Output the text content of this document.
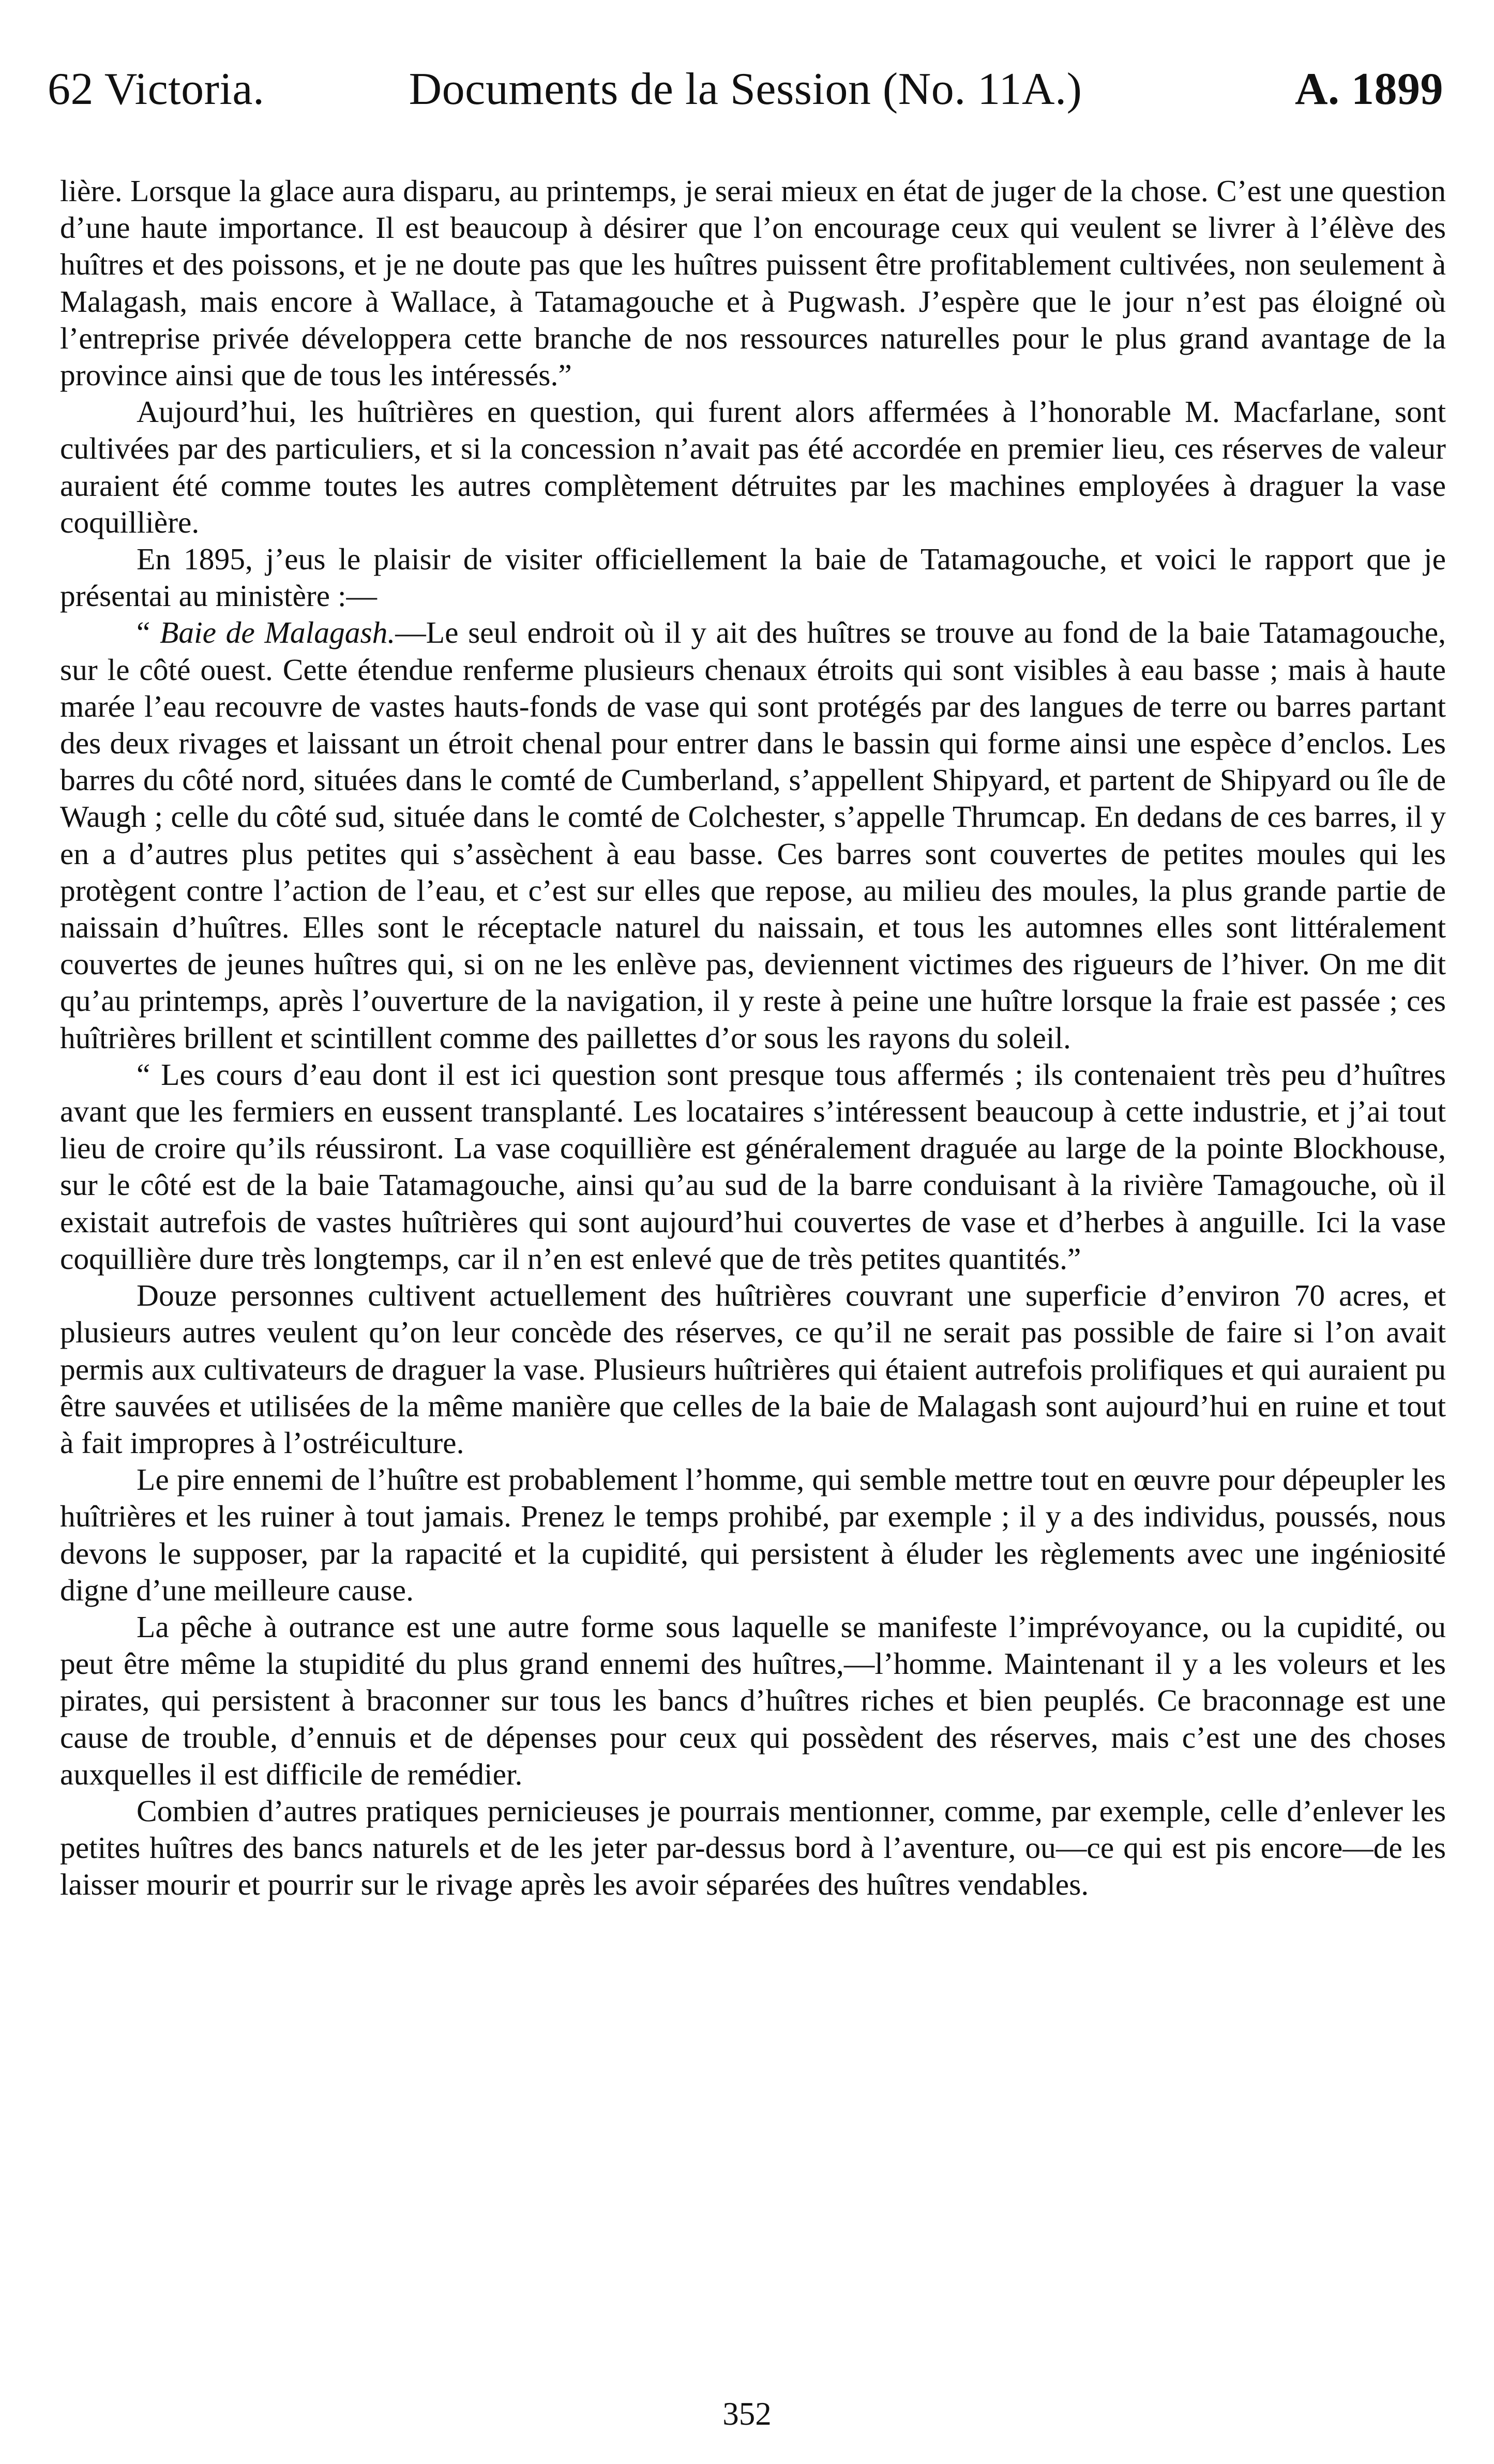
62 Victoria.	Documents de la Session (No. 11A.)	A. 1899

lière. Lorsque la glace aura disparu, au printemps, je serai mieux en état de juger de la chose. C’est une question d’une haute importance. Il est beaucoup à désirer que l’on encourage ceux qui veulent se livrer à l’élève des huîtres et des poissons, et je ne doute pas que les huîtres puissent être profitablement cultivées, non seulement à Malagash, mais encore à Wallace, à Tatamagouche et à Pugwash. J’espère que le jour n’est pas éloigné où l’entreprise privée développera cette branche de nos ressources naturelles pour le plus grand avantage de la province ainsi que de tous les intéressés.”

Aujourd’hui, les huîtrières en question, qui furent alors affermées à l’honorable M. Macfarlane, sont cultivées par des particuliers, et si la concession n’avait pas été accordée en premier lieu, ces réserves de valeur auraient été comme toutes les autres complètement détruites par les machines employées à draguer la vase coquillière.

En 1895, j’eus le plaisir de visiter officiellement la baie de Tatamagouche, et voici le rapport que je présentai au ministère :—

“ Baie de Malagash.—Le seul endroit où il y ait des huîtres se trouve au fond de la baie Tatamagouche, sur le côté ouest. Cette étendue renferme plusieurs chenaux étroits qui sont visibles à eau basse ; mais à haute marée l’eau recouvre de vastes hauts-fonds de vase qui sont protégés par des langues de terre ou barres partant des deux rivages et laissant un étroit chenal pour entrer dans le bassin qui forme ainsi une espèce d’enclos. Les barres du côté nord, situées dans le comté de Cumberland, s’appellent Shipyard, et partent de Shipyard ou île de Waugh ; celle du côté sud, située dans le comté de Colchester, s’appelle Thrumcap. En dedans de ces barres, il y en a d’autres plus petites qui s’assèchent à eau basse. Ces barres sont couvertes de petites moules qui les protègent contre l’action de l’eau, et c’est sur elles que repose, au milieu des moules, la plus grande partie de naissain d’huîtres. Elles sont le réceptacle naturel du naissain, et tous les automnes elles sont littéralement couvertes de jeunes huîtres qui, si on ne les enlève pas, deviennent victimes des rigueurs de l’hiver. On me dit qu’au printemps, après l’ouverture de la navigation, il y reste à peine une huître lorsque la fraie est passée ; ces huîtrières brillent et scintillent comme des paillettes d’or sous les rayons du soleil.

“ Les cours d’eau dont il est ici question sont presque tous affermés ; ils contenaient très peu d’huîtres avant que les fermiers en eussent transplanté. Les locataires s’intéressent beaucoup à cette industrie, et j’ai tout lieu de croire qu’ils réussiront. La vase coquillière est généralement draguée au large de la pointe Blockhouse, sur le côté est de la baie Tatamagouche, ainsi qu’au sud de la barre conduisant à la rivière Tamagouche, où il existait autrefois de vastes huîtrières qui sont aujourd’hui couvertes de vase et d’herbes à anguille. Ici la vase coquillière dure très longtemps, car il n’en est enlevé que de très petites quantités.”

Douze personnes cultivent actuellement des huîtrières couvrant une superficie d’environ 70 acres, et plusieurs autres veulent qu’on leur concède des réserves, ce qu’il ne serait pas possible de faire si l’on avait permis aux cultivateurs de draguer la vase. Plusieurs huîtrières qui étaient autrefois prolifiques et qui auraient pu être sauvées et utilisées de la même manière que celles de la baie de Malagash sont aujourd’hui en ruine et tout à fait impropres à l’ostréiculture.

Le pire ennemi de l’huître est probablement l’homme, qui semble mettre tout en œuvre pour dépeupler les huîtrières et les ruiner à tout jamais. Prenez le temps prohibé, par exemple ; il y a des individus, poussés, nous devons le supposer, par la rapacité et la cupidité, qui persistent à éluder les règlements avec une ingéniosité digne d’une meilleure cause.

La pêche à outrance est une autre forme sous laquelle se manifeste l’imprévoyance, ou la cupidité, ou peut être même la stupidité du plus grand ennemi des huîtres,—l’homme. Maintenant il y a les voleurs et les pirates, qui persistent à braconner sur tous les bancs d’huîtres riches et bien peuplés. Ce braconnage est une cause de trouble, d’ennuis et de dépenses pour ceux qui possèdent des réserves, mais c’est une des choses auxquelles il est difficile de remédier.

Combien d’autres pratiques pernicieuses je pourrais mentionner, comme, par exemple, celle d’enlever les petites huîtres des bancs naturels et de les jeter par-dessus bord à l’aventure, ou—ce qui est pis encore—de les laisser mourir et pourrir sur le rivage après les avoir séparées des huîtres vendables.

352
